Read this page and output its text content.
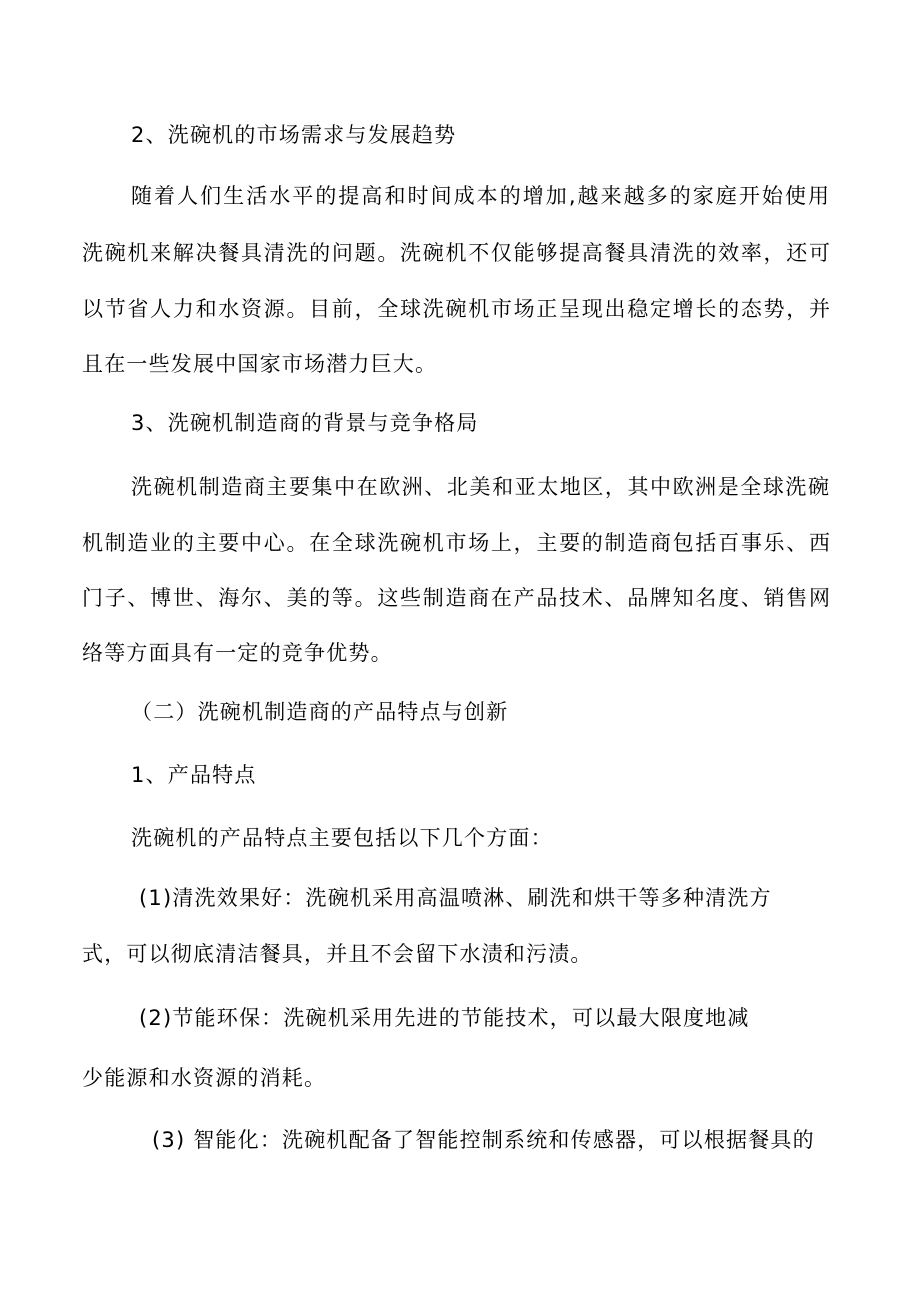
2、洗碗机的市场需求与发展趋势

随着人们生活水平的提高和时间成本的增加,越来越多的家庭开始使用

洗碗机来解决餐具清洗的问题。洗碗机不仅能够提高餐具清洗的效率，还可

以节省人力和水资源。目前，全球洗碗机市场正呈现出稳定增长的态势，并

且在一些发展中国家市场潜力巨大。

3、洗碗机制造商的背景与竞争格局

洗碗机制造商主要集中在欧洲、北美和亚太地区，其中欧洲是全球洗碗

机制造业的主要中心。在全球洗碗机市场上，主要的制造商包括百事乐、西

门子、博世、海尔、美的等。这些制造商在产品技术、品牌知名度、销售网

络等方面具有一定的竞争优势。

（二）洗碗机制造商的产品特点与创新

1、产品特点

洗碗机的产品特点主要包括以下几个方面：

(1)清洗效果好：洗碗机采用高温喷淋、刷洗和烘干等多种清洗方

式，可以彻底清洁餐具，并且不会留下水渍和污渍。

(2)节能环保：洗碗机采用先进的节能技术，可以最大限度地减

少能源和水资源的消耗。

(3) 智能化：洗碗机配备了智能控制系统和传感器，可以根据餐具的
